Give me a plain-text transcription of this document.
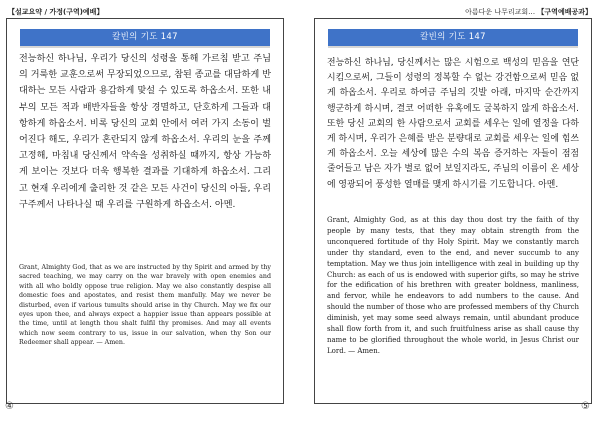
【설교요약 / 가정(구역)예배】
칼빈의 기도 147

전능하신 하나님, 우리가 당신의 성령을 통해 가르침 받고 주님의 거룩한 교훈으로써 무장되었으므로, 참된 종교를 대담하게 반대하는 모든 사람과 용감하게 맞설 수 있도록 하옵소서. 또한 내부의 모든 적과 배반자들을 항상 경멸하고, 단호하게 그들과 대항하게 하옵소서. 비록 당신의 교회 안에서 여러 가지 소동이 벌어진다 해도, 우리가 혼란되지 않게 하옵소서. 우리의 눈을 주께 고정해, 마침내 당신께서 약속을 성취하실 때까지, 항상 가능하게 보이는 것보다 더욱 행복한 결과를 기대하게 하옵소서. 그리고 현재 우리에게 출리한 것 같은 모든 사건이 당신의 아들, 우리 구주께서 나타나실 때 우리를 구원하게 하옵소서. 아멘.

Grant, Almighty God, that as we are instructed by thy Spirit and armed by thy sacred teaching, we may carry on the war bravely with open enemies and with all who boldly oppose true religion. May we also constantly despise all domestic foes and apostates, and resist them manfully. May we never be disturbed, even if various tumults should arise in thy Church. May we fix our eyes upon thee, and always expect a happier issue than appears possible at the time, until at length thou shalt fulfil thy promises. And may all events which now seem contrary to us, issue in our salvation, when thy Son our Redeemer shall appear. — Amen.

④
아름다운 나무리교회… 【구역예배공과】
칼빈의 기도 147

전능하신 하나님, 당신께서는 많은 시험으로 백성의 믿음을 연단 시킴으로써, 그들이 성령의 정복할 수 없는 강건함으로써 믿음 없게 하옵소서. 우리로 하여금 주님의 깃발 아래, 마지막 순간까지 행군하게 하시며, 결코 어떠한 유혹에도 굴복하지 않게 하옵소서. 또한 당신 교회의 한 사람으로서 교회를 세우는 일에 열정을 다하게 하시며, 우리가 은혜를 받은 분량대로 교회를 세우는 일에 힘쓰게 하옵소서. 오늘 세상에 많은 수의 복음 증거하는 자들이 점점 줄어들고 남은 자가 별로 없어 보일지라도, 주님의 이름이 온 세상에 영광되어 풍성한 열매를 맺게 하시기를 기도합니다. 아멘.

Grant, Almighty God, as at this day thou dost try the faith of thy people by many tests, that they may obtain strength from the unconquered fortitude of thy Holy Spirit. May we constantly march under thy standard, even to the end, and never succumb to any temptation. May we thus join intelligence with zeal in building up thy Church: as each of us is endowed with superior gifts, so may he strive for the edification of his brethren with greater boldness, manliness, and fervor, while he endeavors to add numbers to the cause. And should the number of those who are professed members of thy Church diminish, yet may some seed always remain, until abundant produce shall flow forth from it, and such fruitfulness arise as shall cause thy name to be glorified throughout the whole world, in Jesus Christ our Lord. — Amen.

⑤
